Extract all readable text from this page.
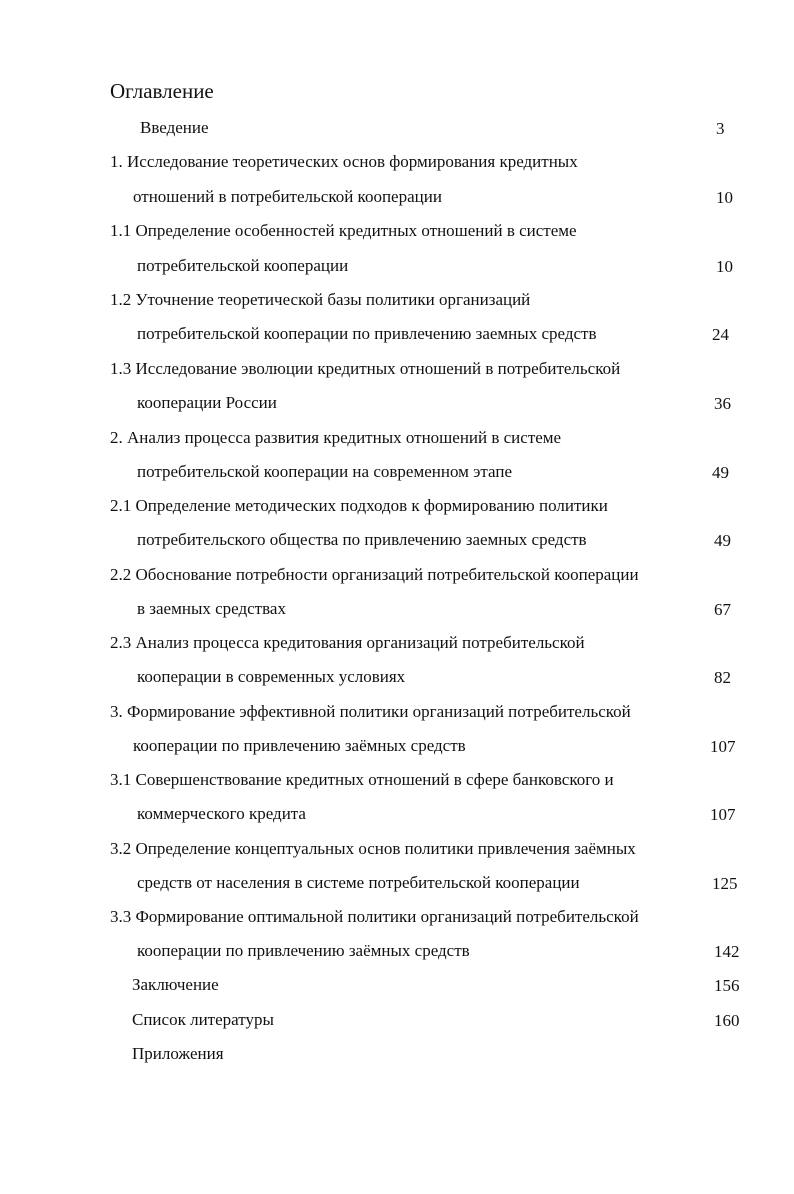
Оглавление
Введение	3
1. Исследование теоретических основ формирования кредитных
отношений в потребительской кооперации	10
1.1 Определение особенностей кредитных отношений в системе
потребительской кооперации	10
1.2 Уточнение теоретической базы политики организаций
потребительской кооперации по привлечению заемных средств	24
1.3 Исследование эволюции кредитных отношений в потребительской
кооперации России	36
2. Анализ процесса развития кредитных отношений в системе
потребительской кооперации на современном этапе	49
2.1 Определение методических подходов к формированию политики
потребительского общества по привлечению заемных средств	49
2.2 Обоснование потребности организаций потребительской кооперации
в заемных средствах	67
2.3 Анализ процесса кредитования организаций потребительской
кооперации в современных условиях	82
3. Формирование эффективной политики организаций потребительской
кооперации по привлечению заёмных средств	107
3.1 Совершенствование кредитных отношений в сфере банковского и
коммерческого кредита	107
3.2 Определение концептуальных основ политики привлечения заёмных
средств от населения в системе потребительской кооперации	125
3.3 Формирование оптимальной политики организаций потребительской
кооперации по привлечению заёмных средств	142
Заключение	156
Список литературы	160
Приложения
